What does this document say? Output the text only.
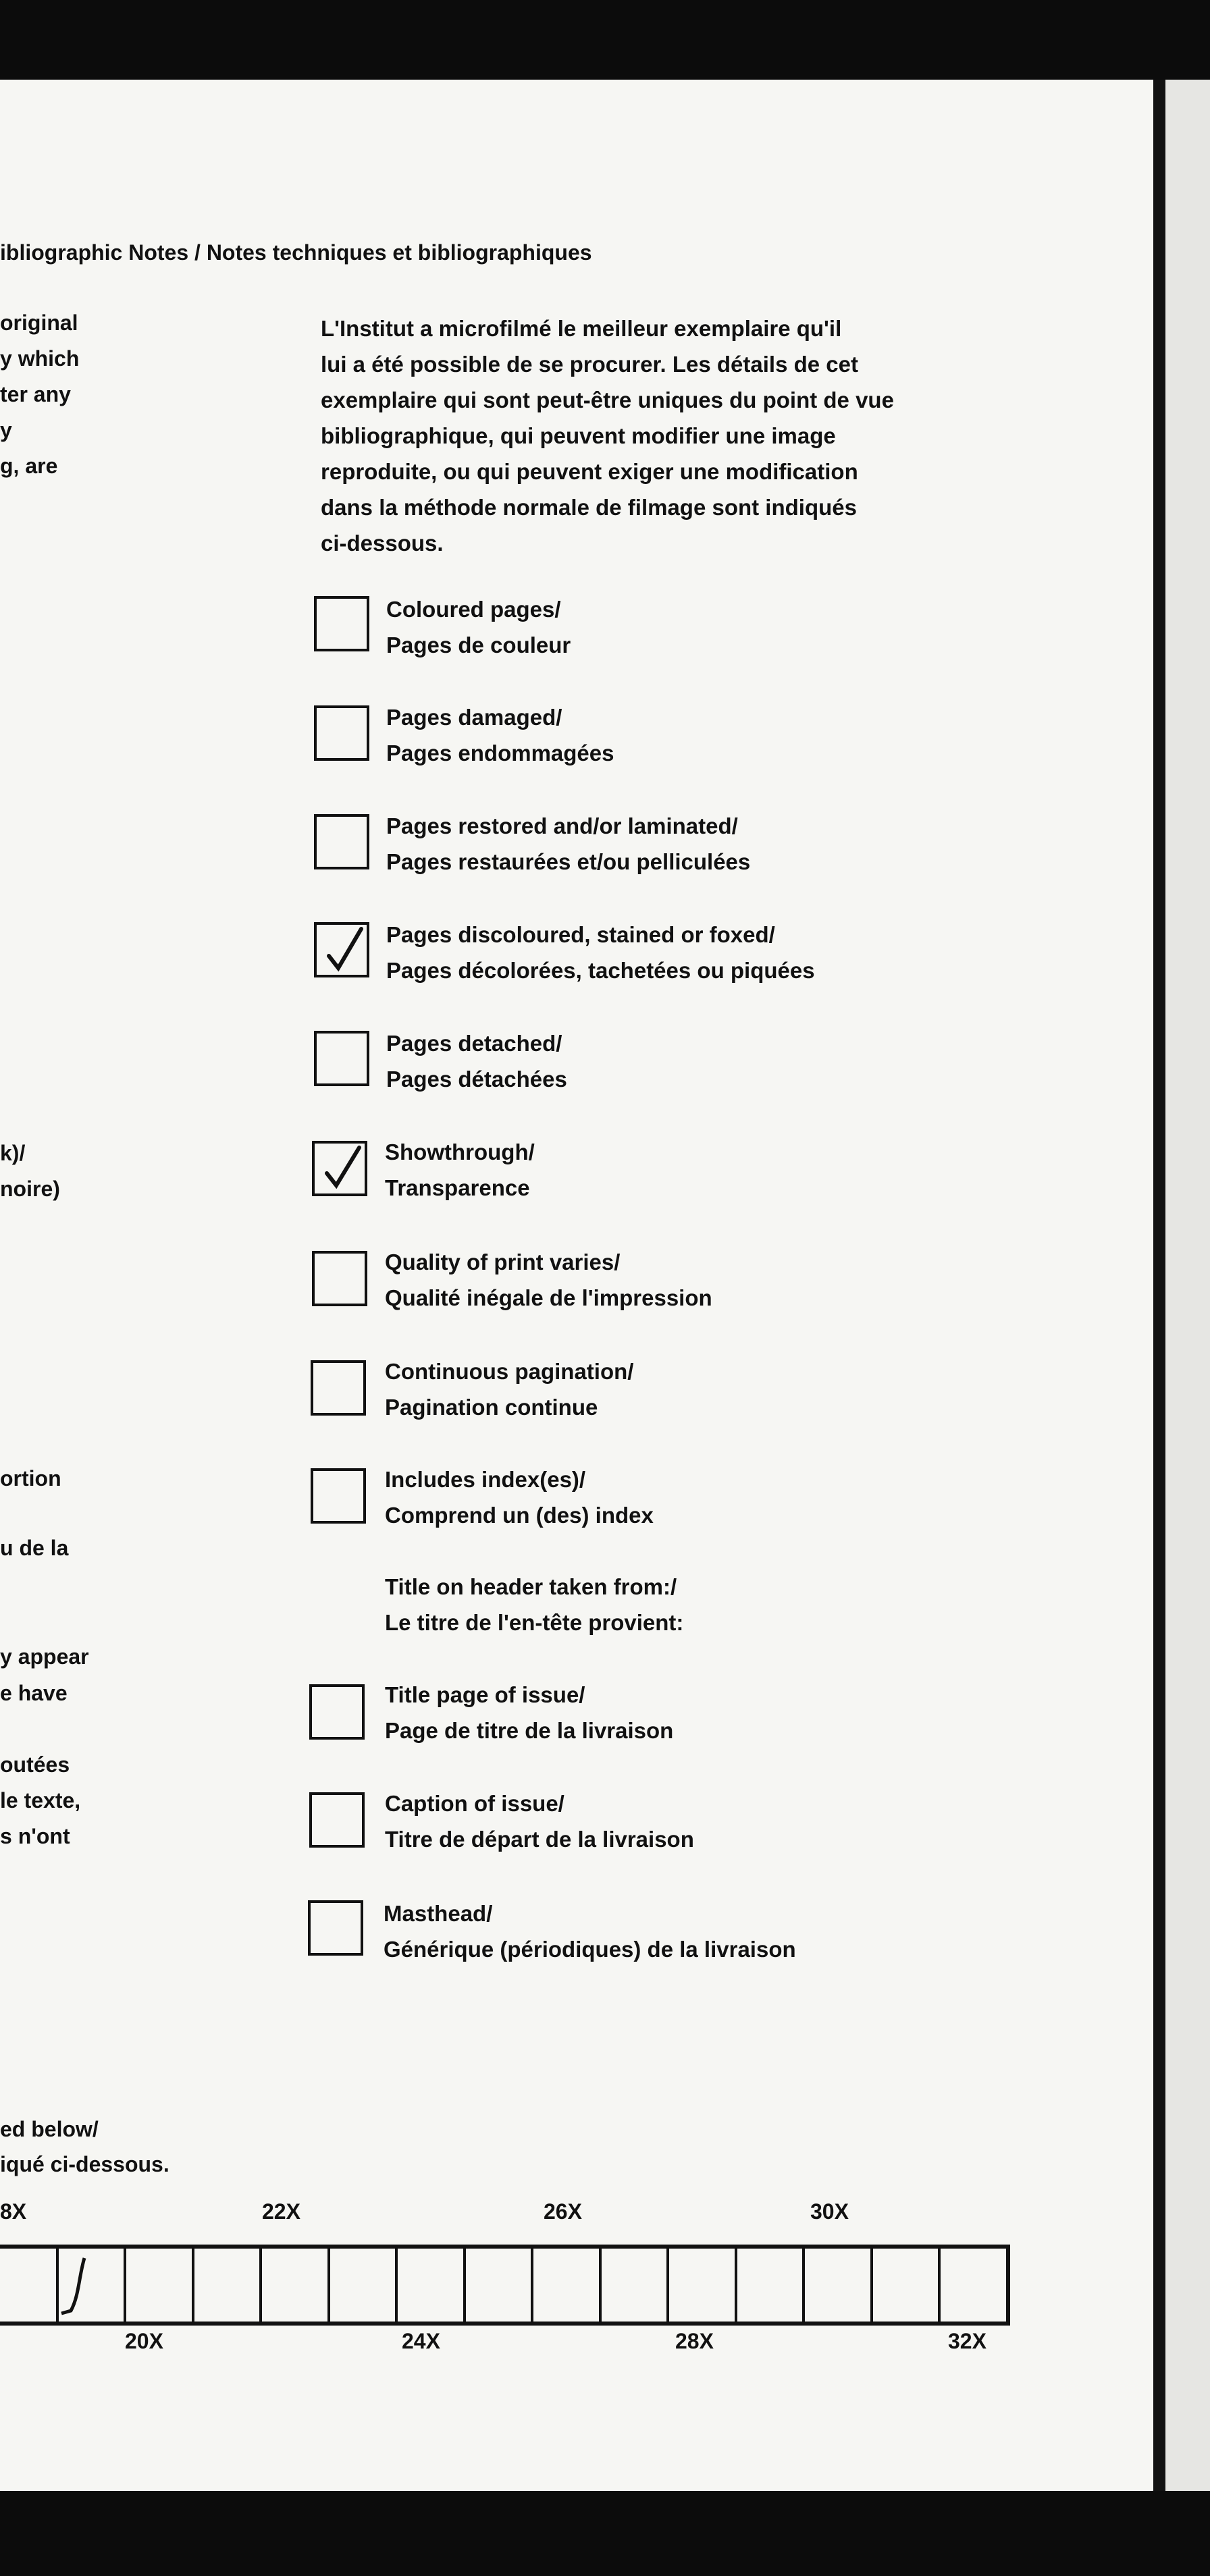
ibliographic Notes / Notes techniques et bibliographiques
original
y which
ter any
y
g, are
k)/
noire)
ortion
u de la
y appear
e have
outées
le texte,
s n'ont
L'Institut a microfilmé le meilleur exemplaire qu'il
lui a été possible de se procurer. Les détails de cet
exemplaire qui sont peut-être uniques du point de vue
bibliographique, qui peuvent modifier une image
reproduite, ou qui peuvent exiger une modification
dans la méthode normale de filmage sont indiqués
ci-dessous.
Coloured pages/
Pages de couleur
Pages damaged/
Pages endommagées
Pages restored and/or laminated/
Pages restaurées et/ou pelliculées
Pages discoloured, stained or foxed/
Pages décolorées, tachetées ou piquées
Pages detached/
Pages détachées
Showthrough/
Transparence
Quality of print varies/
Qualité inégale de l'impression
Continuous pagination/
Pagination continue
Includes index(es)/
Comprend un (des) index
Title on header taken from:/
Le titre de l'en-tête provient:
Title page of issue/
Page de titre de la livraison
Caption of issue/
Titre de départ de la livraison
Masthead/
Générique (périodiques) de la livraison
ed below/
iqué ci-dessous.
8X	22X	26X	30X
20X	24X	28X	32X
